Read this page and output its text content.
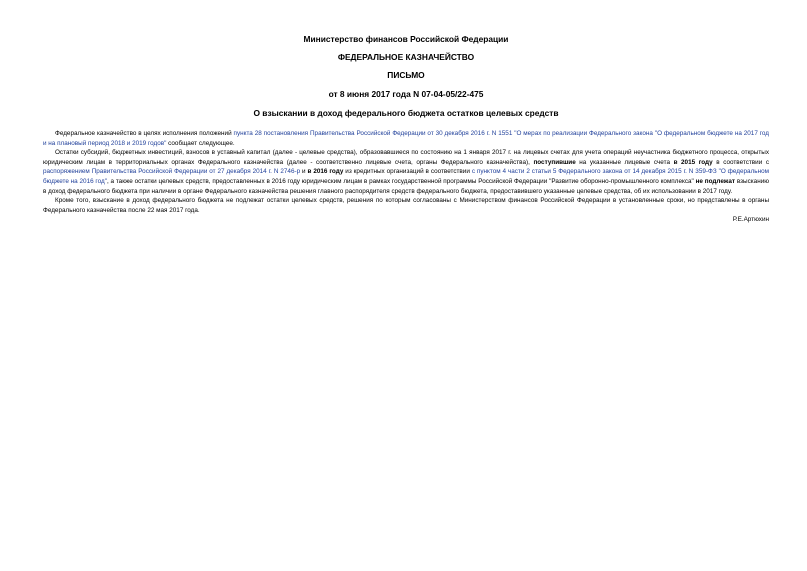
Министерство финансов Российской Федерации

ФЕДЕРАЛЬНОЕ КАЗНАЧЕЙСТВО

ПИСЬМО

от 8 июня 2017 года N 07-04-05/22-475

О взыскании в доход федерального бюджета остатков целевых средств

Федеральное казначейство в целях исполнения положений пункта 28 постановления Правительства Российской Федерации от 30 декабря 2016 г. N 1551 "О мерах по реализации Федерального закона "О федеральном бюджете на 2017 год и на плановый период 2018 и 2019 годов" сообщает следующее.

Остатки субсидий, бюджетных инвестиций, взносов в уставный капитал (далее - целевые средства), образовавшиеся по состоянию на 1 января 2017 г. на лицевых счетах для учета операций неучастника бюджетного процесса, открытых юридическим лицам в территориальных органах Федерального казначейства (далее - соответственно лицевые счета, органы Федерального казначейства), поступившие на указанные лицевые счета в 2015 году в соответствии с распоряжением Правительства Российской Федерации от 27 декабря 2014 г. N 2746-р и в 2016 году из кредитных организаций в соответствии с пунктом 4 части 2 статьи 5 Федерального закона от 14 декабря 2015 г. N 359-ФЗ "О федеральном бюджете на 2016 год", а также остатки целевых средств, предоставленных в 2016 году юридическим лицам в рамках государственной программы Российской Федерации "Развитие оборонно-промышленного комплекса" не подлежат взысканию в доход федерального бюджета при наличии в органе Федерального казначейства решения главного распорядителя средств федерального бюджета, предоставившего указанные целевые средства, об их использовании в 2017 году.

Кроме того, взыскание в доход федерального бюджета не подлежат остатки целевых средств, решения по которым согласованы с Министерством финансов Российской Федерации в установленные сроки, но представлены в органы Федерального казначейства после 22 мая 2017 года.

Р.Е.Артюхин
